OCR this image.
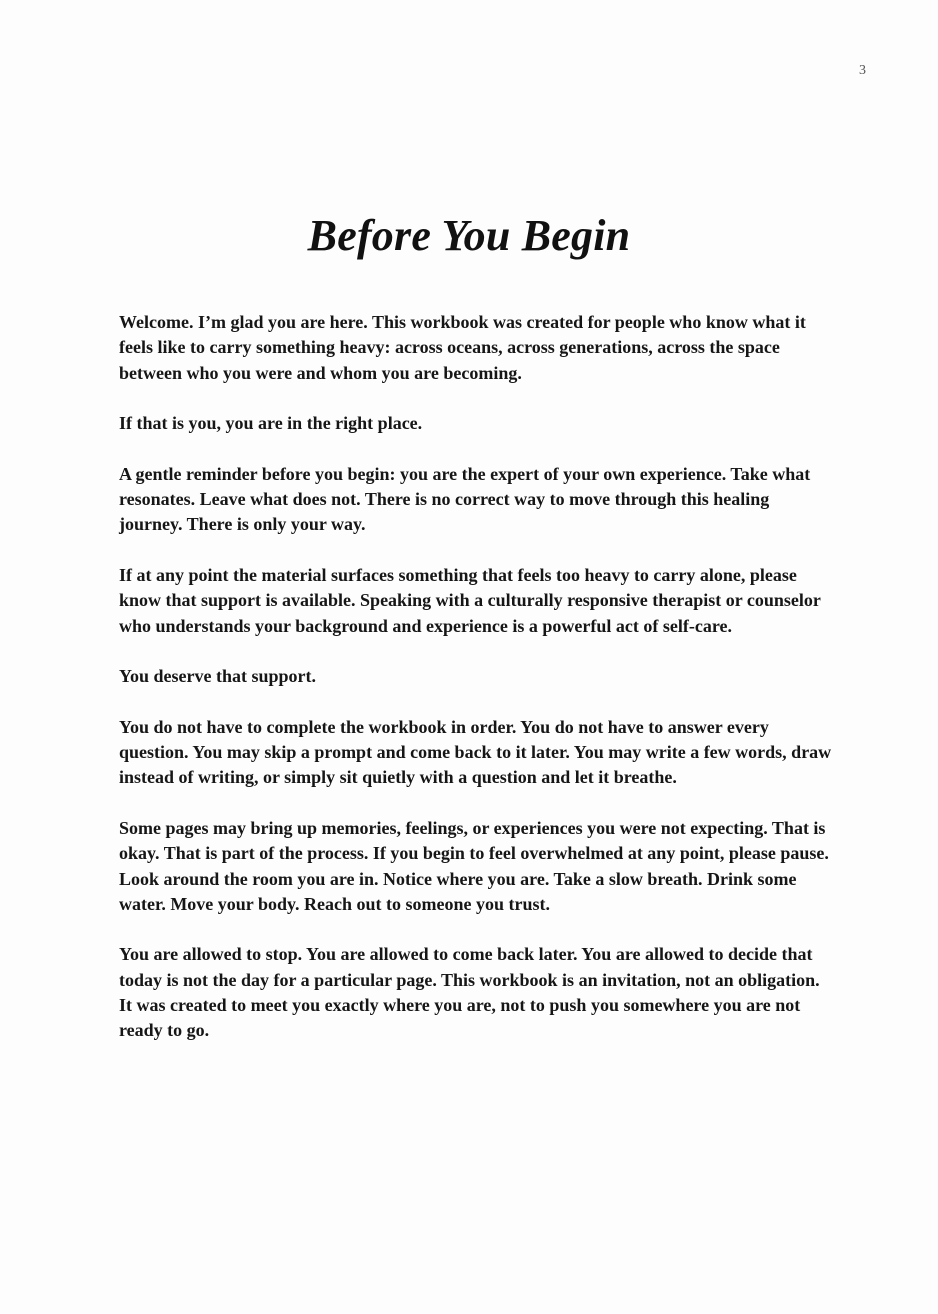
3
Before You Begin

Welcome. I’m glad you are here. This workbook was created for people who know what it feels like to carry something heavy: across oceans, across generations, across the space between who you were and whom you are becoming.

If that is you, you are in the right place.

A gentle reminder before you begin: you are the expert of your own experience. Take what resonates. Leave what does not. There is no correct way to move through this healing journey. There is only your way.

If at any point the material surfaces something that feels too heavy to carry alone, please know that support is available. Speaking with a culturally responsive therapist or counselor who understands your background and experience is a powerful act of self-care.

You deserve that support.

You do not have to complete the workbook in order. You do not have to answer every question. You may skip a prompt and come back to it later. You may write a few words, draw instead of writing, or simply sit quietly with a question and let it breathe.

Some pages may bring up memories, feelings, or experiences you were not expecting. That is okay. That is part of the process. If you begin to feel overwhelmed at any point, please pause. Look around the room you are in. Notice where you are. Take a slow breath. Drink some water. Move your body. Reach out to someone you trust.

You are allowed to stop. You are allowed to come back later. You are allowed to decide that today is not the day for a particular page. This workbook is an invitation, not an obligation. It was created to meet you exactly where you are, not to push you somewhere you are not ready to go.
